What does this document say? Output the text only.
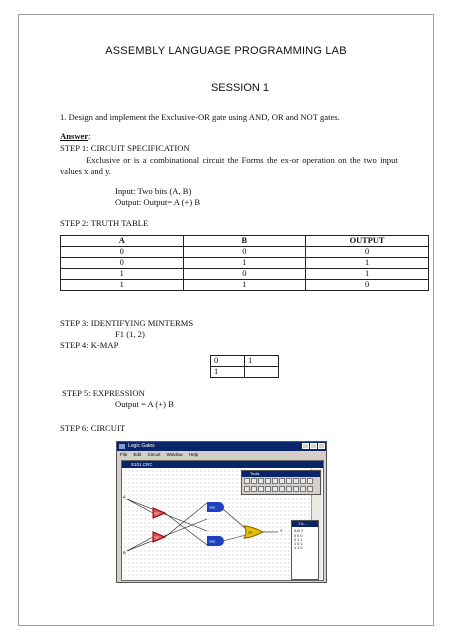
ASSEMBLY LANGUAGE PROGRAMMING LAB
SESSION 1
1. Design and implement the Exclusive-OR gate using AND, OR and NOT gates.
Answer:
STEP 1: CIRCUIT SPECIFICATION
Exclusive or is a combinational circuit the Forms the ex-or operation on the two input
values x and y.
Input: Two bits (A, B)
Output: Output= A (+) B
STEP 2: TRUTH TABLE
A	B	OUTPUT
0	0	0
0	1	1
1	0	1
1	1	0
STEP 3: IDENTIFYING MINTERMS
F1 (1, 2)
STEP 4: K-MAP
0	1
1	
STEP 5: EXPRESSION
Output = A (+) B
STEP 6: CIRCUIT
Logic Gates
File Edit Circuit Window Help
S101.CRC
A
B
NOT
NOT
AND
AND
OR	Y
Tools
T.A...
A B Y
0 0 0
0 1 1
1 0 1
1 1 0
